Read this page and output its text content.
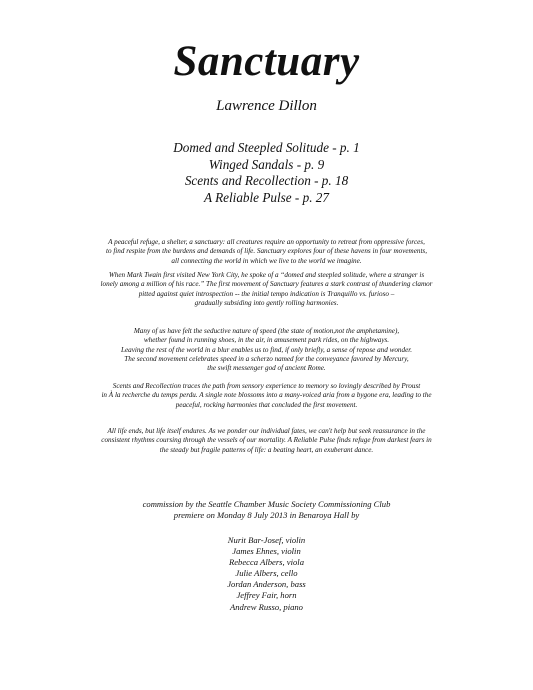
Sanctuary
Lawrence Dillon
Domed and Steepled Solitude - p. 1
Winged Sandals - p. 9
Scents and Recollection - p. 18
A Reliable Pulse - p. 27
A peaceful refuge, a shelter, a sanctuary: all creatures require an opportunity to retreat from oppressive forces,
to find respite from the burdens and demands of life. Sanctuary explores four of these havens in four movements,
all connecting the world in which we live to the world we imagine.
When Mark Twain first visited New York City, he spoke of a “domed and steepled solitude, where a stranger is
lonely among a million of his race.” The first movement of Sanctuary features a stark contrast of thundering clamor
pitted against quiet introspection -- the initial tempo indication is Tranquillo vs. furioso –
gradually subsiding into gently rolling harmonies.
Many of us have felt the seductive nature of speed (the state of motion,not the amphetamine),
whether found in running shoes, in the air, in amusement park rides, on the highways.
Leaving the rest of the world in a blur enables us to find, if only briefly, a sense of repose and wonder.
The second movement celebrates speed in a scherzo named for the conveyance favored by Mercury,
the swift messenger god of ancient Rome.
Scents and Recollection traces the path from sensory experience to memory so lovingly described by Proust
in À la recherche du temps perdu. A single note blossoms into a many-voiced aria from a bygone era, leading to the
peaceful, rocking harmonies that concluded the first movement.
All life ends, but life itself endures. As we ponder our individual fates, we can't help but seek reassurance in the
consistent rhythms coursing through the vessels of our mortality. A Reliable Pulse finds refuge from darkest fears in
the steady but fragile patterns of life: a beating heart, an exuberant dance.
commission by the Seattle Chamber Music Society Commissioning Club
premiere on Monday 8 July 2013 in Benaroya Hall by
Nurit Bar-Josef, violin
James Ehnes, violin
Rebecca Albers, viola
Julie Albers, cello
Jordan Anderson, bass
Jeffrey Fair, horn
Andrew Russo, piano
